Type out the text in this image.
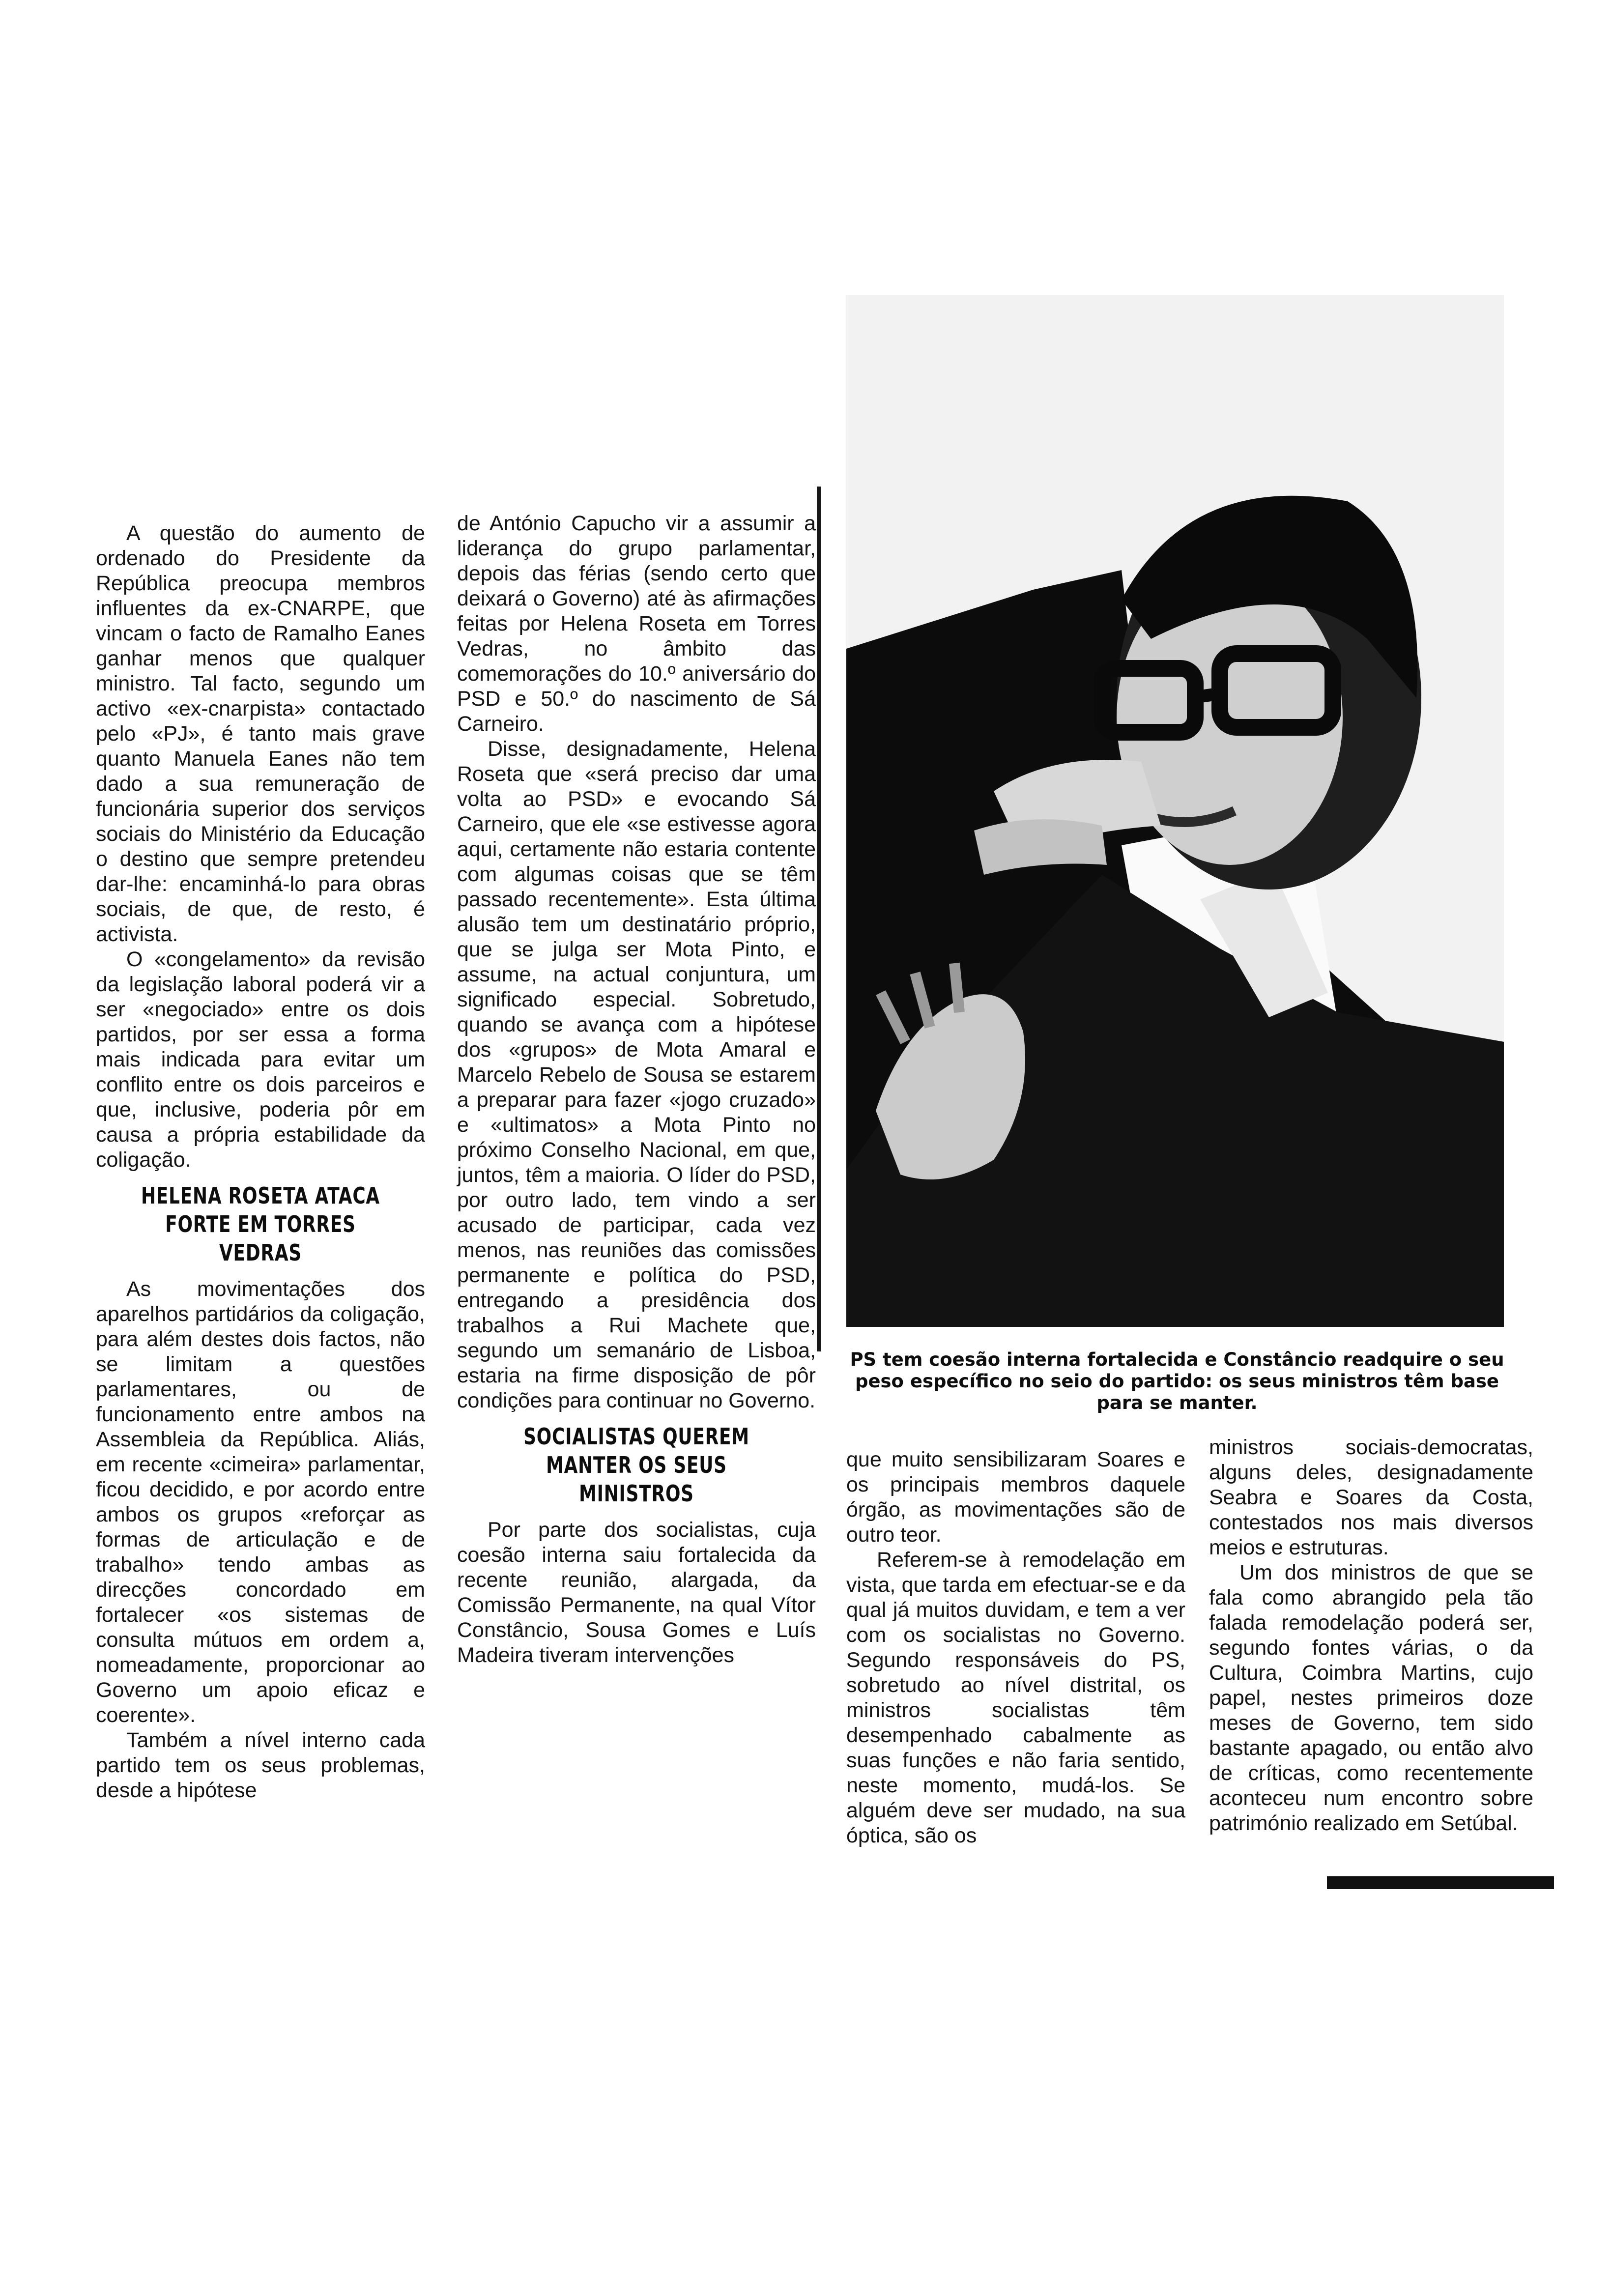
A questão do aumento de ordenado do Presidente da República preocupa membros influentes da ex-CNARPE, que vincam o facto de Ramalho Eanes ganhar menos que qualquer ministro. Tal facto, segundo um activo «ex-cnarpista» contactado pelo «PJ», é tanto mais grave quanto Manuela Eanes não tem dado a sua remuneração de funcionária superior dos serviços sociais do Ministério da Educação o destino que sempre pretendeu dar-lhe: encaminhá-lo para obras sociais, de que, de resto, é activista.

O «congelamento» da revisão da legislação laboral poderá vir a ser «negociado» entre os dois partidos, por ser essa a forma mais indicada para evitar um conflito entre os dois parceiros e que, inclusive, poderia pôr em causa a própria estabilidade da coligação.

HELENA ROSETA ATACA FORTE EM TORRES VEDRAS

As movimentações dos aparelhos partidários da coligação, para além destes dois factos, não se limitam a questões parlamentares, ou de funcionamento entre ambos na Assembleia da República. Aliás, em recente «cimeira» parlamentar, ficou decidido, e por acordo entre ambos os grupos «reforçar as formas de articulação e de trabalho» tendo ambas as direcções concordado em fortalecer «os sistemas de consulta mútuos em ordem a, nomeadamente, proporcionar ao Governo um apoio eficaz e coerente».

Também a nível interno cada partido tem os seus problemas, desde a hipótese

de António Capucho vir a assumir a liderança do grupo parlamentar, depois das férias (sendo certo que deixará o Governo) até às afirmações feitas por Helena Roseta em Torres Vedras, no âmbito das comemorações do 10.º aniversário do PSD e 50.º do nascimento de Sá Carneiro.

Disse, designadamente, Helena Roseta que «será preciso dar uma volta ao PSD» e evocando Sá Carneiro, que ele «se estivesse agora aqui, certamente não estaria contente com algumas coisas que se têm passado recentemente». Esta última alusão tem um destinatário próprio, que se julga ser Mota Pinto, e assume, na actual conjuntura, um significado especial. Sobretudo, quando se avança com a hipótese dos «grupos» de Mota Amaral e Marcelo Rebelo de Sousa se estarem a preparar para fazer «jogo cruzado» e «ultimatos» a Mota Pinto no próximo Conselho Nacional, em que, juntos, têm a maioria. O líder do PSD, por outro lado, tem vindo a ser acusado de participar, cada vez menos, nas reuniões das comissões permanente e política do PSD, entregando a presidência dos trabalhos a Rui Machete que, segundo um semanário de Lisboa, estaria na firme disposição de pôr condições para continuar no Governo.

SOCIALISTAS QUEREM MANTER OS SEUS MINISTROS

Por parte dos socialistas, cuja coesão interna saiu fortalecida da recente reunião, alargada, da Comissão Permanente, na qual Vítor Constâncio, Sousa Gomes e Luís Madeira tiveram intervenções

PS tem coesão interna fortalecida e Constâncio readquire o seu peso específico no seio do partido: os seus ministros têm base para se manter.

que muito sensibilizaram Soares e os principais membros daquele órgão, as movimentações são de outro teor.

Referem-se à remodelação em vista, que tarda em efectuar-se e da qual já muitos duvidam, e tem a ver com os socialistas no Governo. Segundo responsáveis do PS, sobretudo ao nível distrital, os ministros socialistas têm desempenhado cabalmente as suas funções e não faria sentido, neste momento, mudá-los. Se alguém deve ser mudado, na sua óptica, são os

ministros sociais-democratas, alguns deles, designadamente Seabra e Soares da Costa, contestados nos mais diversos meios e estruturas.

Um dos ministros de que se fala como abrangido pela tão falada remodelação poderá ser, segundo fontes várias, o da Cultura, Coimbra Martins, cujo papel, nestes primeiros doze meses de Governo, tem sido bastante apagado, ou então alvo de críticas, como recentemente aconteceu num encontro sobre património realizado em Setúbal.
